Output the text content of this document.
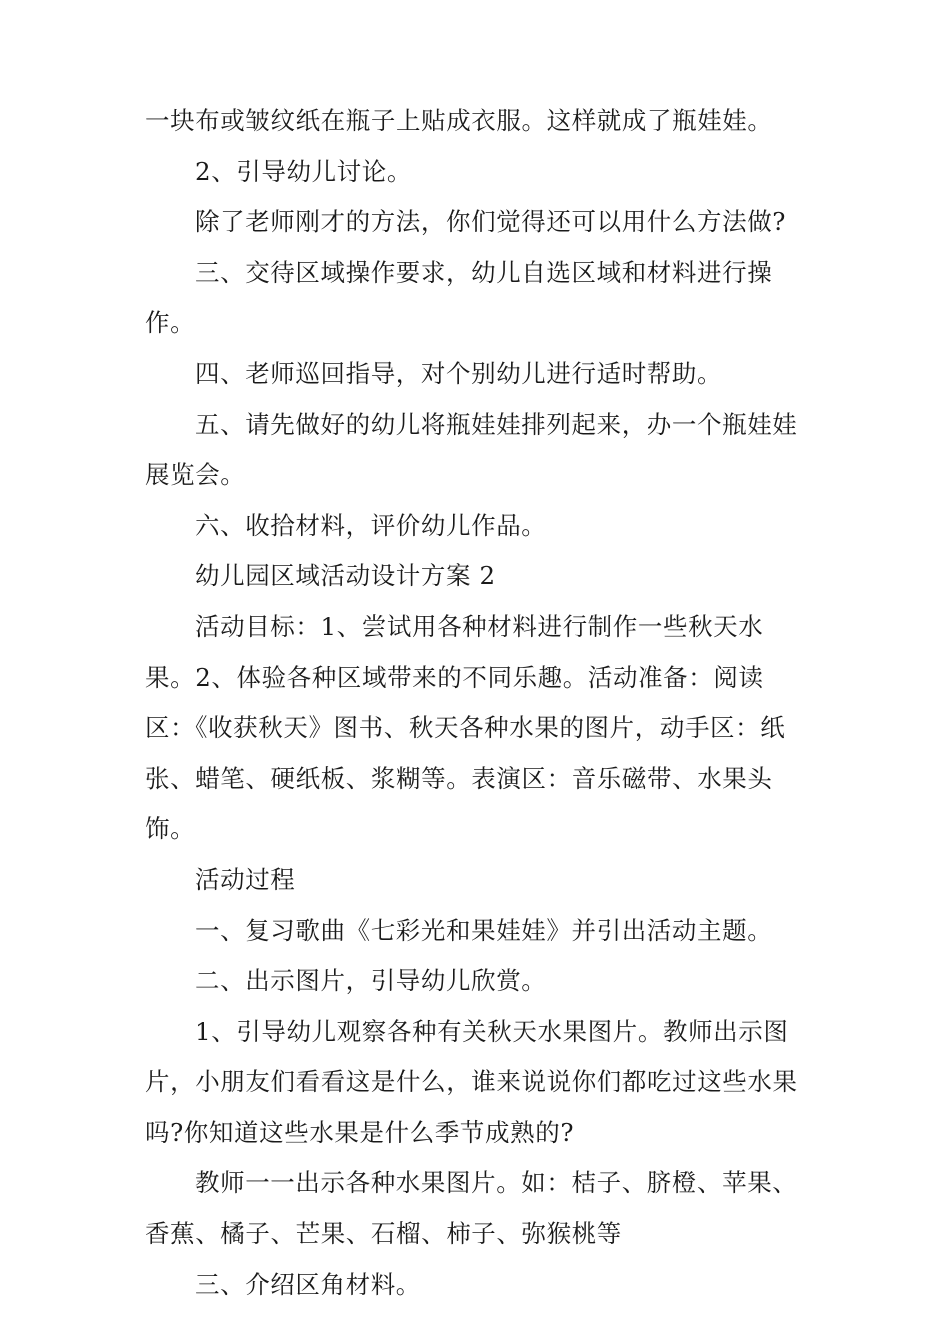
一块布或皱纹纸在瓶子上贴成衣服。这样就成了瓶娃娃。

2、引导幼儿讨论。

除了老师刚才的方法，你们觉得还可以用什么方法做?

三、交待区域操作要求，幼儿自选区域和材料进行操作。

四、老师巡回指导，对个别幼儿进行适时帮助。

五、请先做好的幼儿将瓶娃娃排列起来，办一个瓶娃娃展览会。

六、收拾材料，评价幼儿作品。

幼儿园区域活动设计方案 2

活动目标：1、尝试用各种材料进行制作一些秋天水果。2、体验各种区域带来的不同乐趣。活动准备：阅读区：《收获秋天》图书、秋天各种水果的图片，动手区：纸张、蜡笔、硬纸板、浆糊等。表演区：音乐磁带、水果头饰。

活动过程

一、复习歌曲《七彩光和果娃娃》并引出活动主题。

二、出示图片，引导幼儿欣赏。

1、引导幼儿观察各种有关秋天水果图片。教师出示图片，小朋友们看看这是什么，谁来说说你们都吃过这些水果吗?你知道这些水果是什么季节成熟的?

教师一一出示各种水果图片。如：桔子、脐橙、苹果、香蕉、橘子、芒果、石榴、柿子、弥猴桃等

三、介绍区角材料。
